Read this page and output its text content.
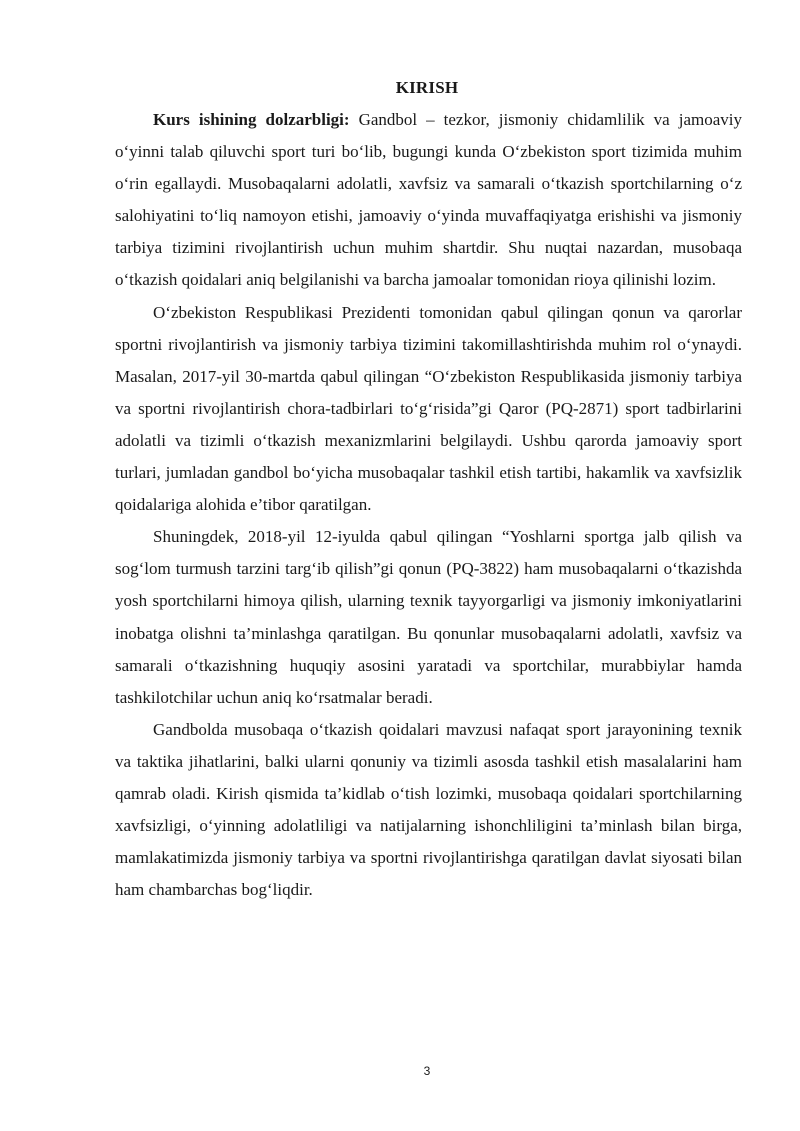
KIRISH

Kurs ishining dolzarbligi: Gandbol – tezkor, jismoniy chidamlilik va jamoaviy o‘yinni talab qiluvchi sport turi bo‘lib, bugungi kunda O‘zbekiston sport tizimida muhim o‘rin egallaydi. Musobaqalarni adolatli, xavfsiz va samarali o‘tkazish sportchilarning o‘z salohiyatini to‘liq namoyon etishi, jamoaviy o‘yinda muvaffaqiyatga erishishi va jismoniy tarbiya tizimini rivojlantirish uchun muhim shartdir. Shu nuqtai nazardan, musobaqa o‘tkazish qoidalari aniq belgilanishi va barcha jamoalar tomonidan rioya qilinishi lozim.

O‘zbekiston Respublikasi Prezidenti tomonidan qabul qilingan qonun va qarorlar sportni rivojlantirish va jismoniy tarbiya tizimini takomillashtirishda muhim rol o‘ynaydi. Masalan, 2017-yil 30-martda qabul qilingan “O‘zbekiston Respublikasida jismoniy tarbiya va sportni rivojlantirish chora-tadbirlari to‘g‘risida”gi Qaror (PQ-2871) sport tadbirlarini adolatli va tizimli o‘tkazish mexanizmlarini belgilaydi. Ushbu qarorda jamoaviy sport turlari, jumladan gandbol bo‘yicha musobaqalar tashkil etish tartibi, hakamlik va xavfsizlik qoidalariga alohida e’tibor qaratilgan.

Shuningdek, 2018-yil 12-iyulda qabul qilingan “Yoshlarni sportga jalb qilish va sog‘lom turmush tarzini targ‘ib qilish”gi qonun (PQ-3822) ham musobaqalarni o‘tkazishda yosh sportchilarni himoya qilish, ularning texnik tayyorgarligi va jismoniy imkoniyatlarini inobatga olishni ta’minlashga qaratilgan. Bu qonunlar musobaqalarni adolatli, xavfsiz va samarali o‘tkazishning huquqiy asosini yaratadi va sportchilar, murabbiylar hamda tashkilotchilar uchun aniq ko‘rsatmalar beradi.

Gandbolda musobaqa o‘tkazish qoidalari mavzusi nafaqat sport jarayonining texnik va taktika jihatlarini, balki ularni qonuniy va tizimli asosda tashkil etish masalalarini ham qamrab oladi. Kirish qismida ta’kidlab o‘tish lozimki, musobaqa qoidalari sportchilarning xavfsizligi, o‘yinning adolatliligi va natijalarning ishonchliligini ta’minlash bilan birga, mamlakatimizda jismoniy tarbiya va sportni rivojlantirishga qaratilgan davlat siyosati bilan ham chambarchas bog‘liqdir.

3
